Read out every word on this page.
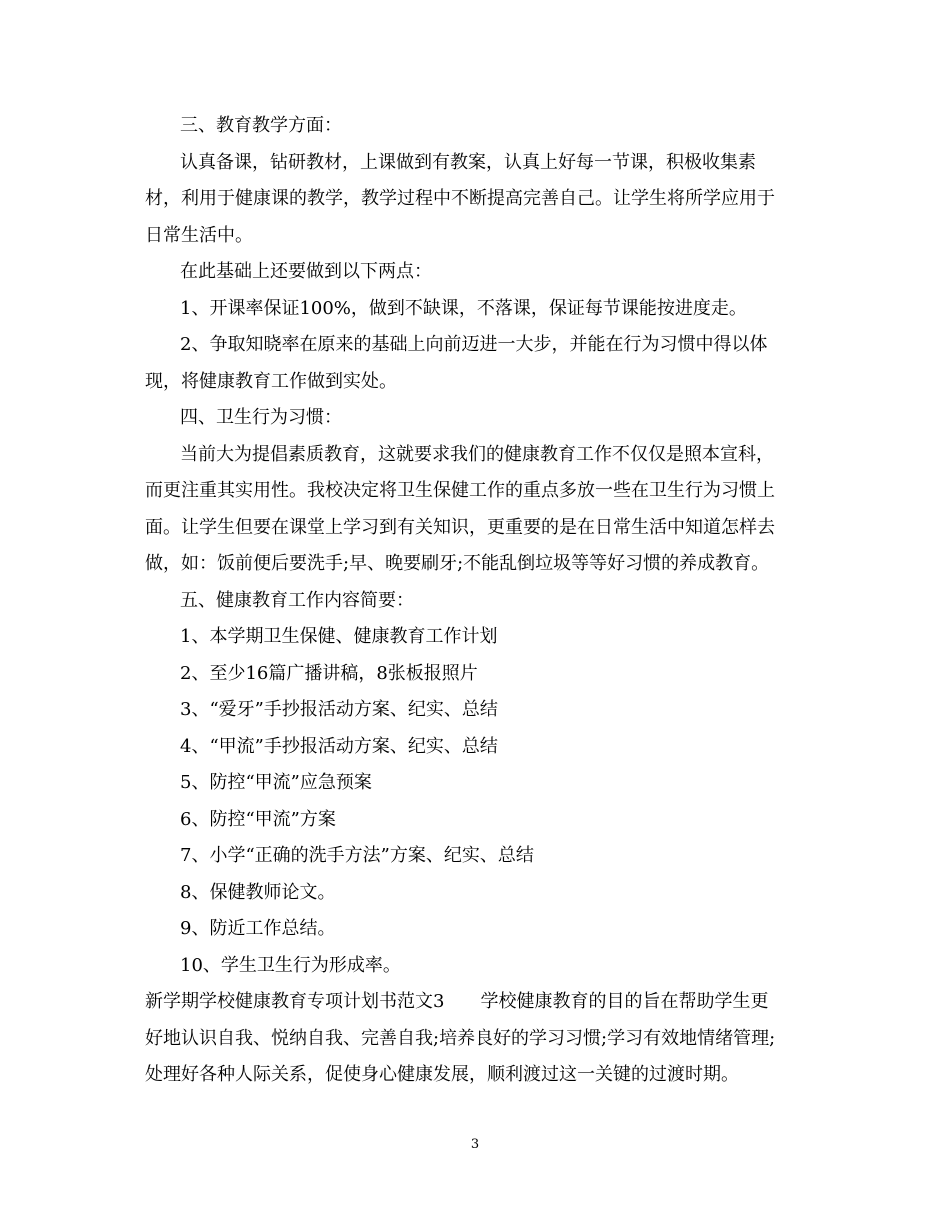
三、教育教学方面：
认真备课，钻研教材，上课做到有教案，认真上好每一节课，积极收集素
材，利用于健康课的教学，教学过程中不断提高完善自己。让学生将所学应用于
日常生活中。
在此基础上还要做到以下两点：
1、开课率保证100%，做到不缺课，不落课，保证每节课能按进度走。
2、争取知晓率在原来的基础上向前迈进一大步，并能在行为习惯中得以体
现，将健康教育工作做到实处。
四、卫生行为习惯：
当前大为提倡素质教育，这就要求我们的健康教育工作不仅仅是照本宣科，
而更注重其实用性。我校决定将卫生保健工作的重点多放一些在卫生行为习惯上
面。让学生但要在课堂上学习到有关知识，更重要的是在日常生活中知道怎样去
做，如：饭前便后要洗手;早、晚要刷牙;不能乱倒垃圾等等好习惯的养成教育。
五、健康教育工作内容简要：
1、本学期卫生保健、健康教育工作计划
2、至少16篇广播讲稿，8张板报照片
3、“爱牙”手抄报活动方案、纪实、总结
4、“甲流”手抄报活动方案、纪实、总结
5、防控“甲流”应急预案
6、防控“甲流”方案
7、小学“正确的洗手方法”方案、纪实、总结
8、保健教师论文。
9、防近工作总结。
10、学生卫生行为形成率。
新学期学校健康教育专项计划书范文3　　学校健康教育的目的旨在帮助学生更
好地认识自我、悦纳自我、完善自我;培养良好的学习习惯;学习有效地情绪管理;
处理好各种人际关系，促使身心健康发展，顺利渡过这一关键的过渡时期。
3
